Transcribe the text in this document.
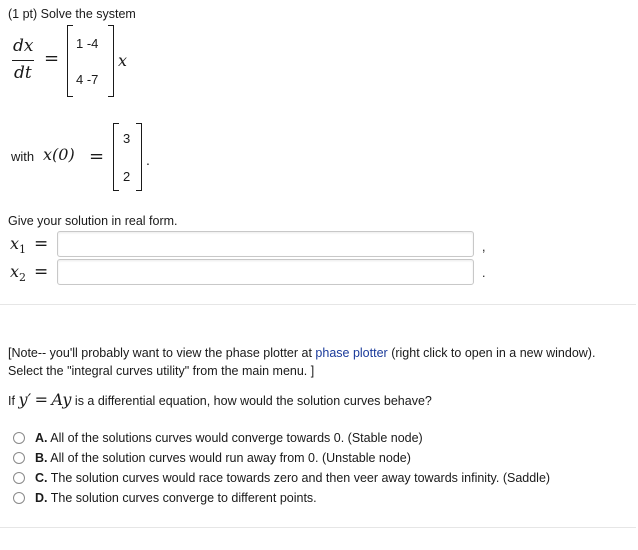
(1 pt) Solve the system
dx
dt
=
1 -4
4 -7
x
with x(0) =
3
2
.
Give your solution in real form.
$x_1$ =	,
$x_2$ =	.
[Note-- you'll probably want to view the phase plotter at phase plotter (right click to open in a new window).
Select the "integral curves utility" from the main menu. ]
If y′ = Ay is a differential equation, how would the solution curves behave?
A. All of the solutions curves would converge towards 0. (Stable node)
B. All of the solution curves would run away from 0. (Unstable node)
C. The solution curves would race towards zero and then veer away towards infinity. (Saddle)
D. The solution curves converge to different points.
